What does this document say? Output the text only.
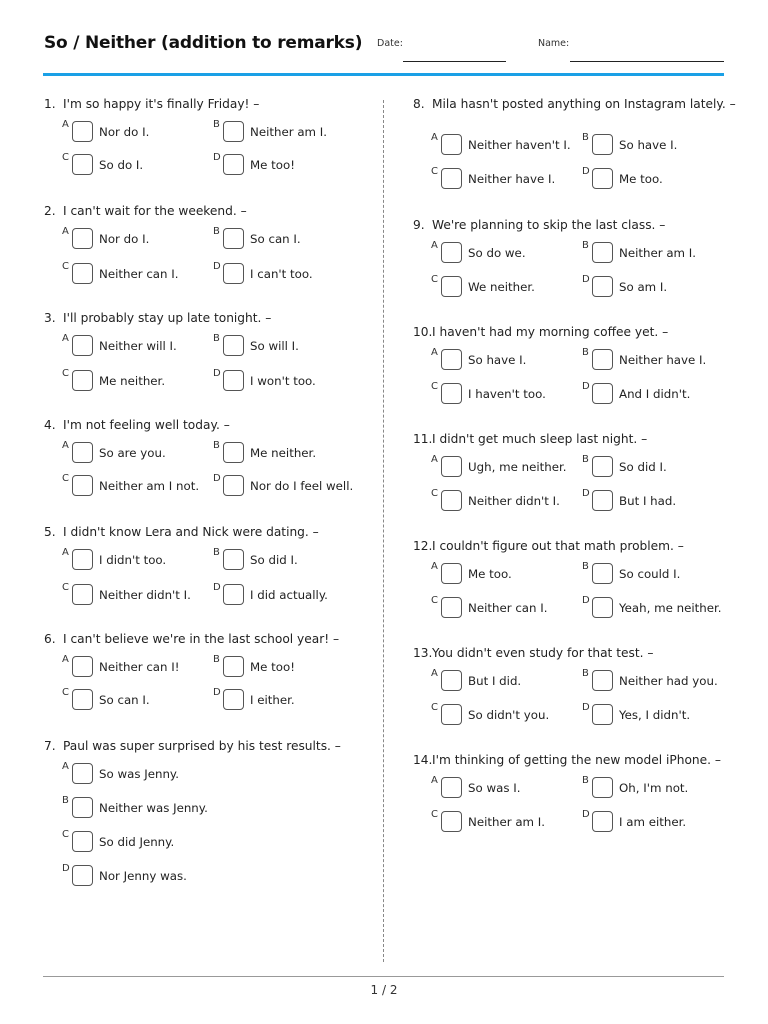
So / Neither (addition to remarks) Date:	Name:
1. I'm so happy it's finally Friday! –
A
Nor do I.
B
Neither am I.
C
So do I.
D
Me too!
2. I can't wait for the weekend. –
A
Nor do I.
B
So can I.
C
Neither can I.
D
I can't too.
3. I'll probably stay up late tonight. –
A
Neither will I.
B
So will I.
C
Me neither.
D
I won't too.
4. I'm not feeling well today. –
A
So are you.
B
Me neither.
C
Neither am I not.
D
Nor do I feel well.
5. I didn't know Lera and Nick were dating. –
A
I didn't too.
B
So did I.
C
Neither didn't I.
D
I did actually.
6. I can't believe we're in the last school year! –
A
Neither can I!
B
Me too!
C
So can I.
D
I either.
7. Paul was super surprised by his test results. –
A
So was Jenny.
B
Neither was Jenny.
C
So did Jenny.
D
Nor Jenny was.
8. Mila hasn't posted anything on Instagram lately. –
A
Neither haven't I.
B
So have I.
C
Neither have I.
D
Me too.
9. We're planning to skip the last class. –
A
So do we.
B
Neither am I.
C
We neither.
D
So am I.
10.I haven't had my morning coffee yet. –
A
So have I.
B
Neither have I.
C
I haven't too.
D
And I didn't.
11.I didn't get much sleep last night. –
A
Ugh, me neither.
B
So did I.
C
Neither didn't I.
D
But I had.
12.I couldn't figure out that math problem. –
A
Me too.
B
So could I.
C
Neither can I.
D
Yeah, me neither.
13.You didn't even study for that test. –
A
But I did.
B
Neither had you.
C
So didn't you.
D
Yes, I didn't.
14.I'm thinking of getting the new model iPhone. –
A
So was I.
B
Oh, I'm not.
C
Neither am I.
D
I am either.
1 / 2
